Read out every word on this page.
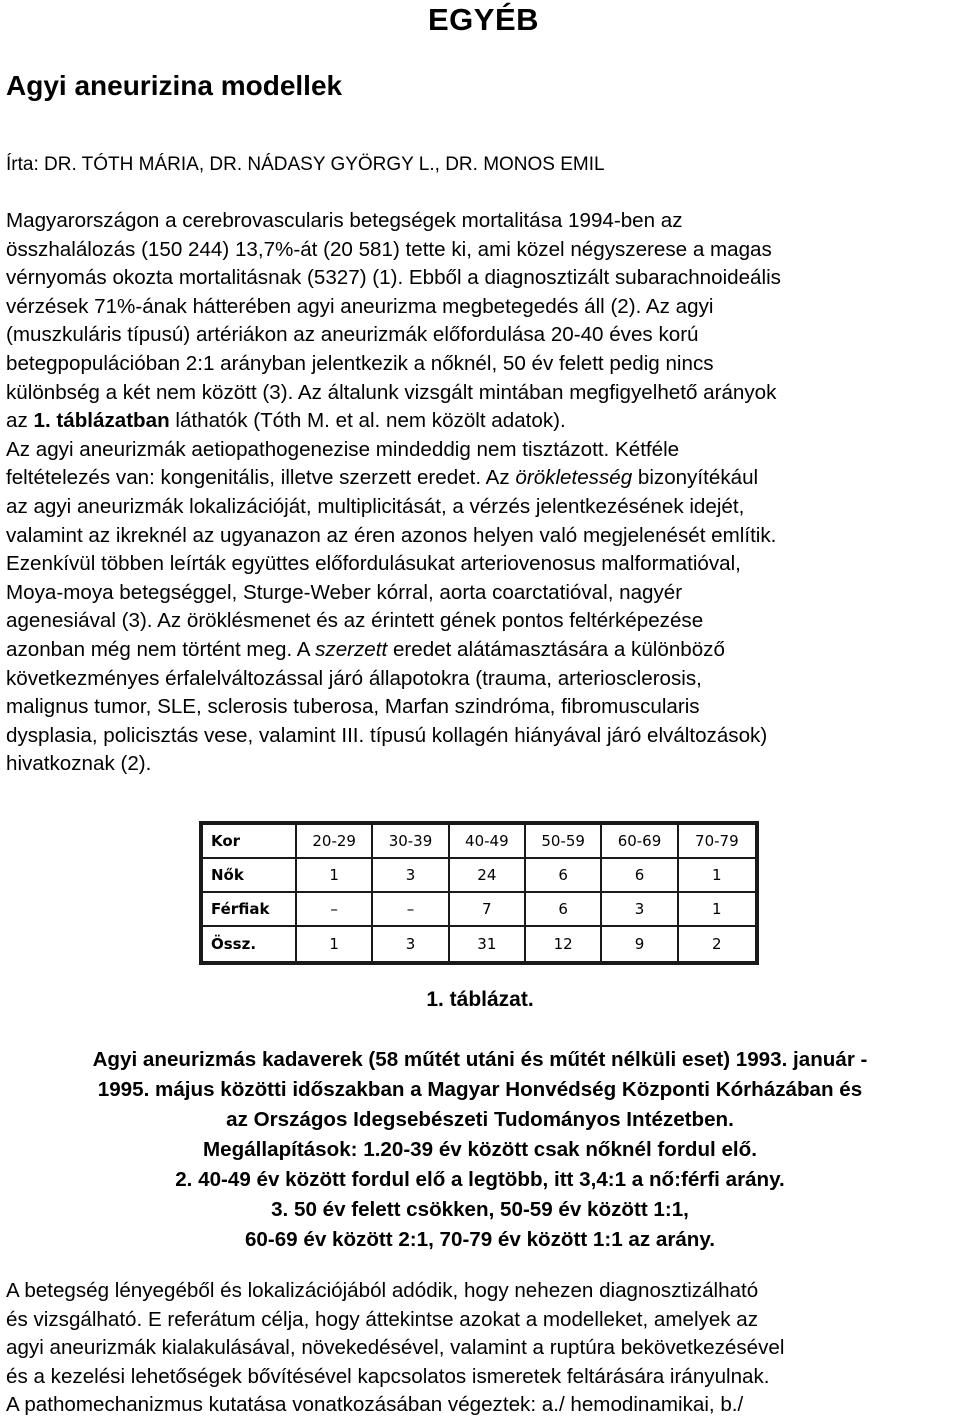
EGYÉB
Agyi aneurizina modellek

Írta: DR. TÓTH MÁRIA, DR. NÁDASY GYÖRGY L., DR. MONOS EMIL

Magyarországon a cerebrovascularis betegségek mortalitása 1994-ben az
összhalálozás (150 244) 13,7%-át (20 581) tette ki, ami közel négyszerese a magas
vérnyomás okozta mortalitásnak (5327) (1). Ebből a diagnosztizált subarachnoideális
vérzések 71%-ának hátterében agyi aneurizma megbetegedés áll (2). Az agyi
(muszkuláris típusú) artériákon az aneurizmák előfordulása 20-40 éves korú
betegpopulációban 2:1 arányban jelentkezik a nőknél, 50 év felett pedig nincs
különbség a két nem között (3). Az általunk vizsgált mintában megfigyelhető arányok
az 1. táblázatban láthatók (Tóth M. et al. nem közölt adatok).
Az agyi aneurizmák aetiopathogenezise mindeddig nem tisztázott. Kétféle
feltételezés van: kongenitális, illetve szerzett eredet. Az örökletesség bizonyítékául
az agyi aneurizmák lokalizációját, multiplicitását, a vérzés jelentkezésének idejét,
valamint az ikreknél az ugyanazon az éren azonos helyen való megjelenését említik.
Ezenkívül többen leírták együttes előfordulásukat arteriovenosus malformatióval,
Moya-moya betegséggel, Sturge-Weber kórral, aorta coarctatióval, nagyér
agenesiával (3). Az öröklésmenet és az érintett gének pontos feltérképezése
azonban még nem történt meg. A szerzett eredet alátámasztására a különböző
következményes érfalelváltozással járó állapotokra (trauma, arteriosclerosis,
malignus tumor, SLE, sclerosis tuberosa, Marfan szindróma, fibromuscularis
dysplasia, policisztás vese, valamint III. típusú kollagén hiányával járó elváltozások)
hivatkoznak (2).
Kor	20-29	30-39	40-49	50-59	60-69	70-79
Nők	1	3	24	6	6	1
Férfiak	–	–	7	6	3	1
Össz.	1	3	31	12	9	2

1. táblázat.

Agyi aneurizmás kadaverek (58 műtét utáni és műtét nélküli eset) 1993. január -
1995. május közötti időszakban a Magyar Honvédség Központi Kórházában és
az Országos Idegsebészeti Tudományos Intézetben.
Megállapítások: 1.20-39 év között csak nőknél fordul elő.
2. 40-49 év között fordul elő a legtöbb, itt 3,4:1 a nő:férfi arány.
3. 50 év felett csökken, 50-59 év között 1:1,
60-69 év között 2:1, 70-79 év között 1:1 az arány.
A betegség lényegéből és lokalizációjából adódik, hogy nehezen diagnosztizálható
és vizsgálható. E referátum célja, hogy áttekintse azokat a modelleket, amelyek az
agyi aneurizmák kialakulásával, növekedésével, valamint a ruptúra bekövetkezésével
és a kezelési lehetőségek bővítésével kapcsolatos ismeretek feltárására irányulnak.
A pathomechanizmus kutatása vonatkozásában végeztek: a./ hemodinamikai, b./
